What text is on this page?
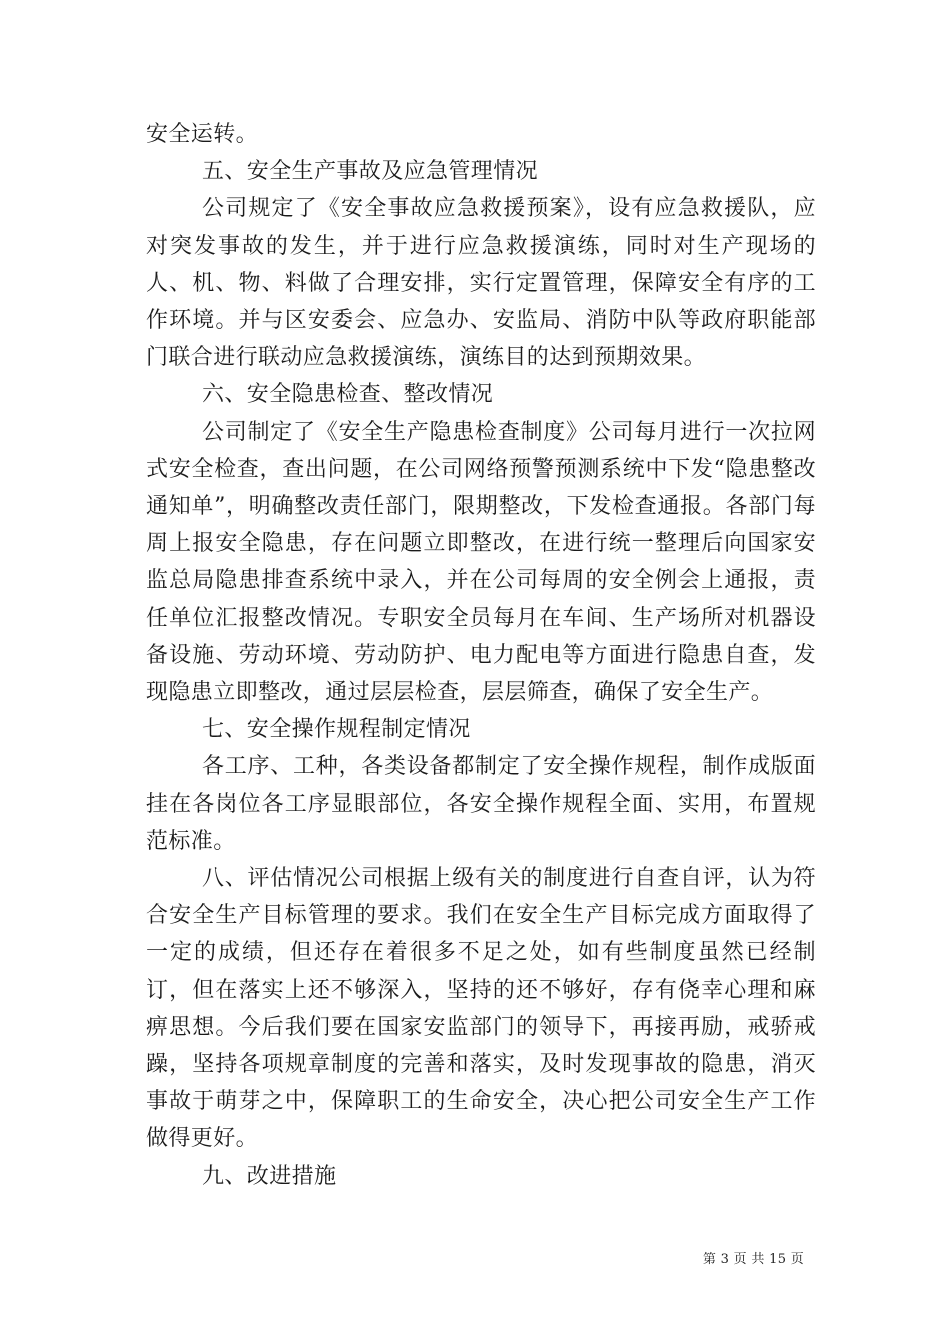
安全运转。

五、安全生产事故及应急管理情况

公司规定了《安全事故应急救援预案》，设有应急救援队，应对突发事故的发生，并于进行应急救援演练，同时对生产现场的人、机、物、料做了合理安排，实行定置管理，保障安全有序的工作环境。并与区安委会、应急办、安监局、消防中队等政府职能部门联合进行联动应急救援演练，演练目的达到预期效果。

六、安全隐患检查、整改情况

公司制定了《安全生产隐患检查制度》公司每月进行一次拉网式安全检查，查出问题，在公司网络预警预测系统中下发“隐患整改通知单”，明确整改责任部门，限期整改，下发检查通报。各部门每周上报安全隐患，存在问题立即整改，在进行统一整理后向国家安监总局隐患排查系统中录入，并在公司每周的安全例会上通报，责任单位汇报整改情况。专职安全员每月在车间、生产场所对机器设备设施、劳动环境、劳动防护、电力配电等方面进行隐患自查，发现隐患立即整改，通过层层检查，层层筛查，确保了安全生产。

七、安全操作规程制定情况

各工序、工种，各类设备都制定了安全操作规程，制作成版面挂在各岗位各工序显眼部位，各安全操作规程全面、实用，布置规范标准。

八、评估情况公司根据上级有关的制度进行自查自评，认为符合安全生产目标管理的要求。我们在安全生产目标完成方面取得了一定的成绩，但还存在着很多不足之处，如有些制度虽然已经制订，但在落实上还不够深入，坚持的还不够好，存有侥幸心理和麻痹思想。今后我们要在国家安监部门的领导下，再接再励，戒骄戒躁，坚持各项规章制度的完善和落实，及时发现事故的隐患，消灭事故于萌芽之中，保障职工的生命安全，决心把公司安全生产工作做得更好。

九、改进措施

第 3 页 共 15 页
